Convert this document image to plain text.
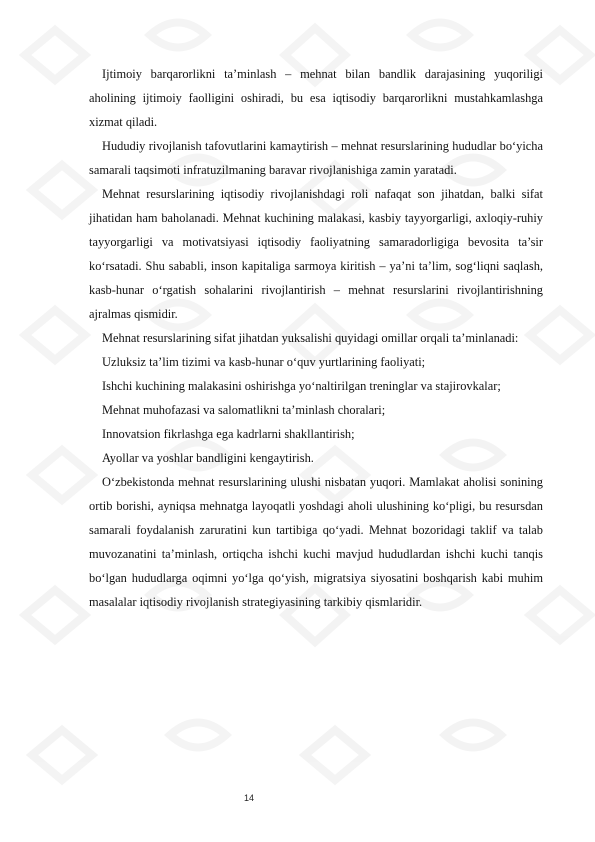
Ijtimoiy barqarorlikni ta’minlash – mehnat bilan bandlik darajasining yuqoriligi aholining ijtimoiy faolligini oshiradi, bu esa iqtisodiy barqarorlikni mustahkamlashga xizmat qiladi.

Hududiy rivojlanish tafovutlarini kamaytirish – mehnat resurslarining hududlar bo‘yicha samarali taqsimoti infratuzilmaning baravar rivojlanishiga zamin yaratadi.

Mehnat resurslarining iqtisodiy rivojlanishdagi roli nafaqat son jihatdan, balki sifat jihatidan ham baholanadi. Mehnat kuchining malakasi, kasbiy tayyorgarligi, axloqiy-ruhiy tayyorgarligi va motivatsiyasi iqtisodiy faoliyatning samaradorligiga bevosita ta’sir ko‘rsatadi. Shu sababli, inson kapitaliga sarmoya kiritish – ya’ni ta’lim, sog‘liqni saqlash, kasb-hunar o‘rgatish sohalarini rivojlantirish – mehnat resurslarini rivojlantirishning ajralmas qismidir.

Mehnat resurslarining sifat jihatdan yuksalishi quyidagi omillar orqali ta’minlanadi:

Uzluksiz ta’lim tizimi va kasb-hunar o‘quv yurtlarining faoliyati;

Ishchi kuchining malakasini oshirishga yo‘naltirilgan treninglar va stajirovkalar;

Mehnat muhofazasi va salomatlikni ta’minlash choralari;

Innovatsion fikrlashga ega kadrlarni shakllantirish;

Ayollar va yoshlar bandligini kengaytirish.

O‘zbekistonda mehnat resurslarining ulushi nisbatan yuqori. Mamlakat aholisi sonining ortib borishi, ayniqsa mehnatga layoqatli yoshdagi aholi ulushining ko‘pligi, bu resursdan samarali foydalanish zaruratini kun tartibiga qo‘yadi. Mehnat bozoridagi taklif va talab muvozanatini ta’minlash, ortiqcha ishchi kuchi mavjud hududlardan ishchi kuchi tanqis bo‘lgan hududlarga oqimni yo‘lga qo‘yish, migratsiya siyosatini boshqarish kabi muhim masalalar iqtisodiy rivojlanish strategiyasining tarkibiy qismlaridir.

14
